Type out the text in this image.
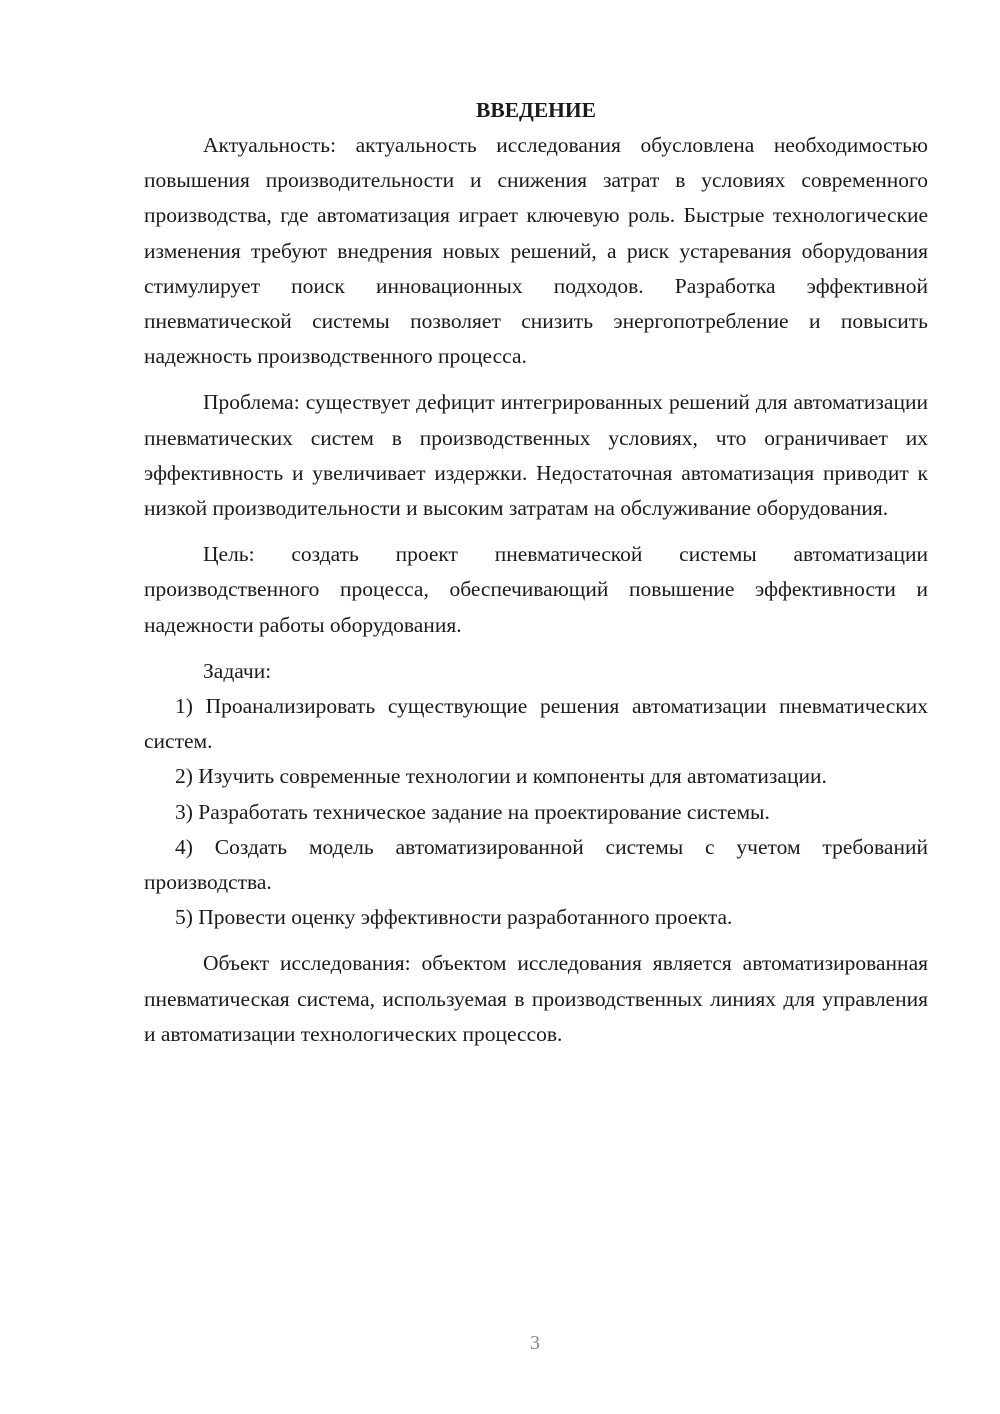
ВВЕДЕНИЕ

Актуальность: актуальность исследования обусловлена необходимостью повышения производительности и снижения затрат в условиях современного производства, где автоматизация играет ключевую роль. Быстрые технологические изменения требуют внедрения новых решений, а риск устаревания оборудования стимулирует поиск инновационных подходов. Разработка эффективной пневматической системы позволяет снизить энергопотребление и повысить надежность производственного процесса.

Проблема: существует дефицит интегрированных решений для автоматизации пневматических систем в производственных условиях, что ограничивает их эффективность и увеличивает издержки. Недостаточная автоматизация приводит к низкой производительности и высоким затратам на обслуживание оборудования.

Цель: создать проект пневматической системы автоматизации производственного процесса, обеспечивающий повышение эффективности и надежности работы оборудования.

Задачи:

1) Проанализировать существующие решения автоматизации пневматических систем.

2) Изучить современные технологии и компоненты для автоматизации.

3) Разработать техническое задание на проектирование системы.

4) Создать модель автоматизированной системы с учетом требований производства.

5) Провести оценку эффективности разработанного проекта.

Объект исследования: объектом исследования является автоматизированная пневматическая система, используемая в производственных линиях для управления и автоматизации технологических процессов.

3
